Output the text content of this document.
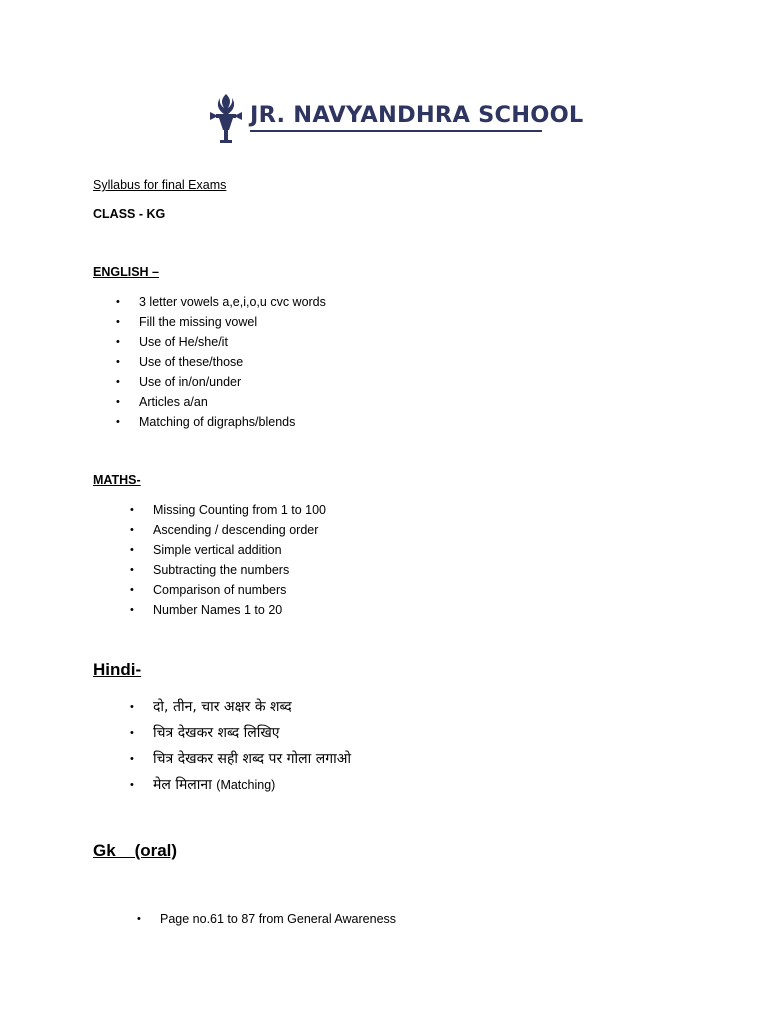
JR. NAVYANDHRA SCHOOL
Syllabus for final Exams
CLASS - KG
ENGLISH –
•	3 letter vowels a,e,i,o,u cvc words
•	Fill the missing vowel
•	Use of He/she/it
•	Use of these/those
•	Use of in/on/under
•	Articles a/an
•	Matching of digraphs/blends
MATHS-
•	Missing Counting from 1 to 100
•	Ascending / descending order
•	Simple vertical addition
•	Subtracting the numbers
•	Comparison of numbers
•	Number Names 1 to 20
Hindi-
•	दो, तीन, चार अक्षर के शब्द
•	चित्र देखकर शब्द लिखिए
•	चित्र देखकर सही शब्द पर गोला लगाओ
•	मेल मिलाना (Matching)
Gk    (oral)
•	Page no.61 to 87 from General Awareness
